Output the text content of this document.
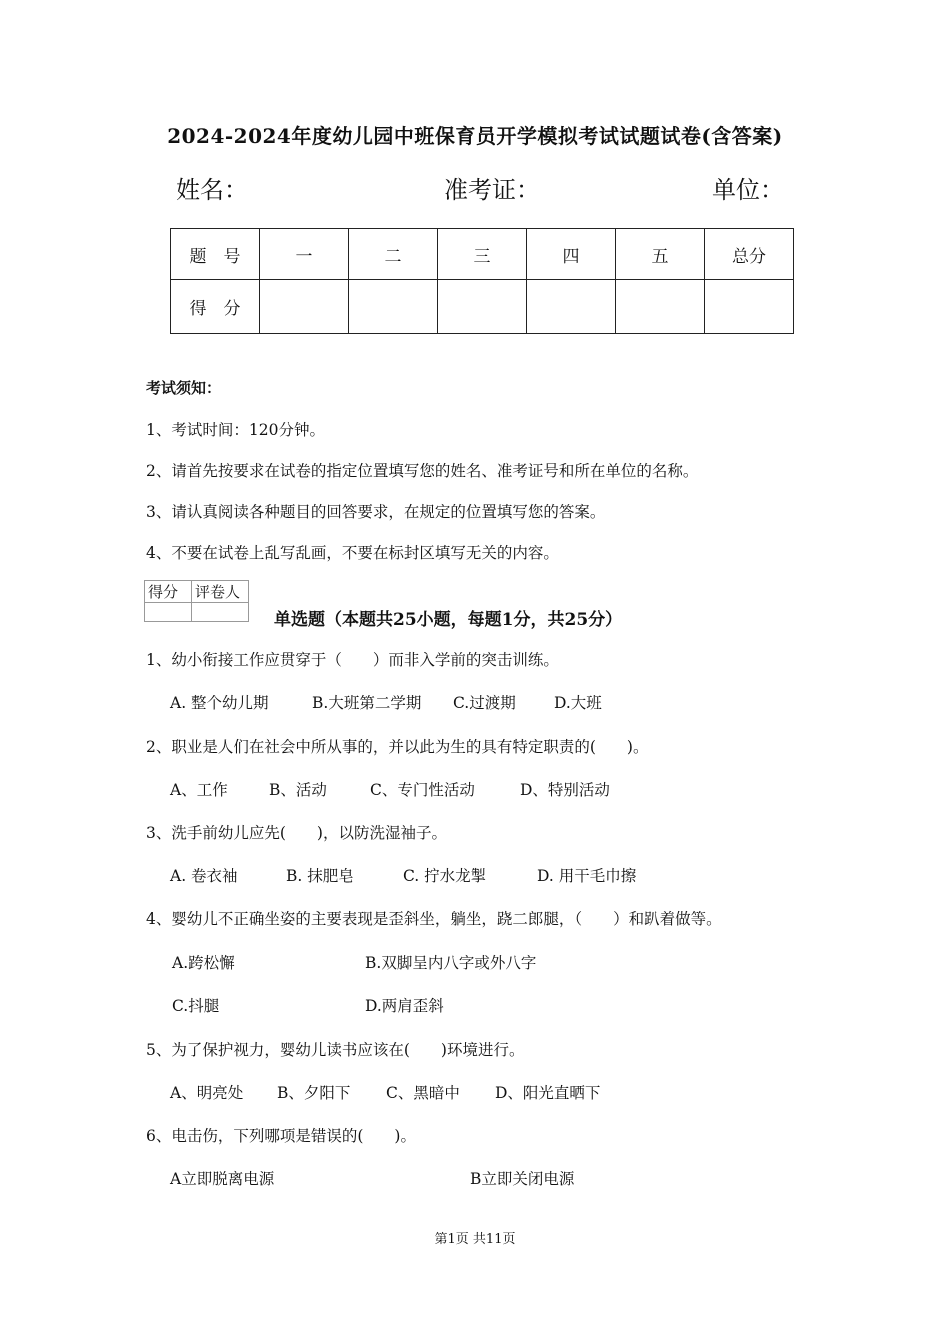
2024-2024年度幼儿园中班保育员开学模拟考试试题试卷(含答案)
姓名：	准考证：	单位：
题　号	一	二	三	四	五	总分
得　分						
考试须知：
1、考试时间：120分钟。
2、请首先按要求在试卷的指定位置填写您的姓名、准考证号和所在单位的名称。
3、请认真阅读各种题目的回答要求，在规定的位置填写您的答案。
4、不要在试卷上乱写乱画，不要在标封区填写无关的内容。
得分	评卷人

单选题（本题共25小题，每题1分，共25分）
1、幼小衔接工作应贯穿于（　　）而非入学前的突击训练。
A. 整个幼儿期	B.大班第二学期 C.过渡期 D.大班
2、职业是人们在社会中所从事的，并以此为生的具有特定职责的(　　)。
A、工作	B、活动	C、专门性活动	D、特别活动
3、洗手前幼儿应先(　　)，以防洗湿袖子。
A. 卷衣袖	B. 抹肥皂	C. 拧水龙掣	D. 用干毛巾擦
4、婴幼儿不正确坐姿的主要表现是歪斜坐，躺坐，跷二郎腿，（　　）和趴着做等。
A.跨松懈	B.双脚呈内八字或外八字
C.抖腿	D.两肩歪斜
5、为了保护视力，婴幼儿读书应该在(　　)环境进行。
A、明亮处 B、夕阳下 C、黑暗中 D、阳光直晒下
6、电击伤，下列哪项是错误的(　　)。
A立即脱离电源	B立即关闭电源
第1页 共11页
